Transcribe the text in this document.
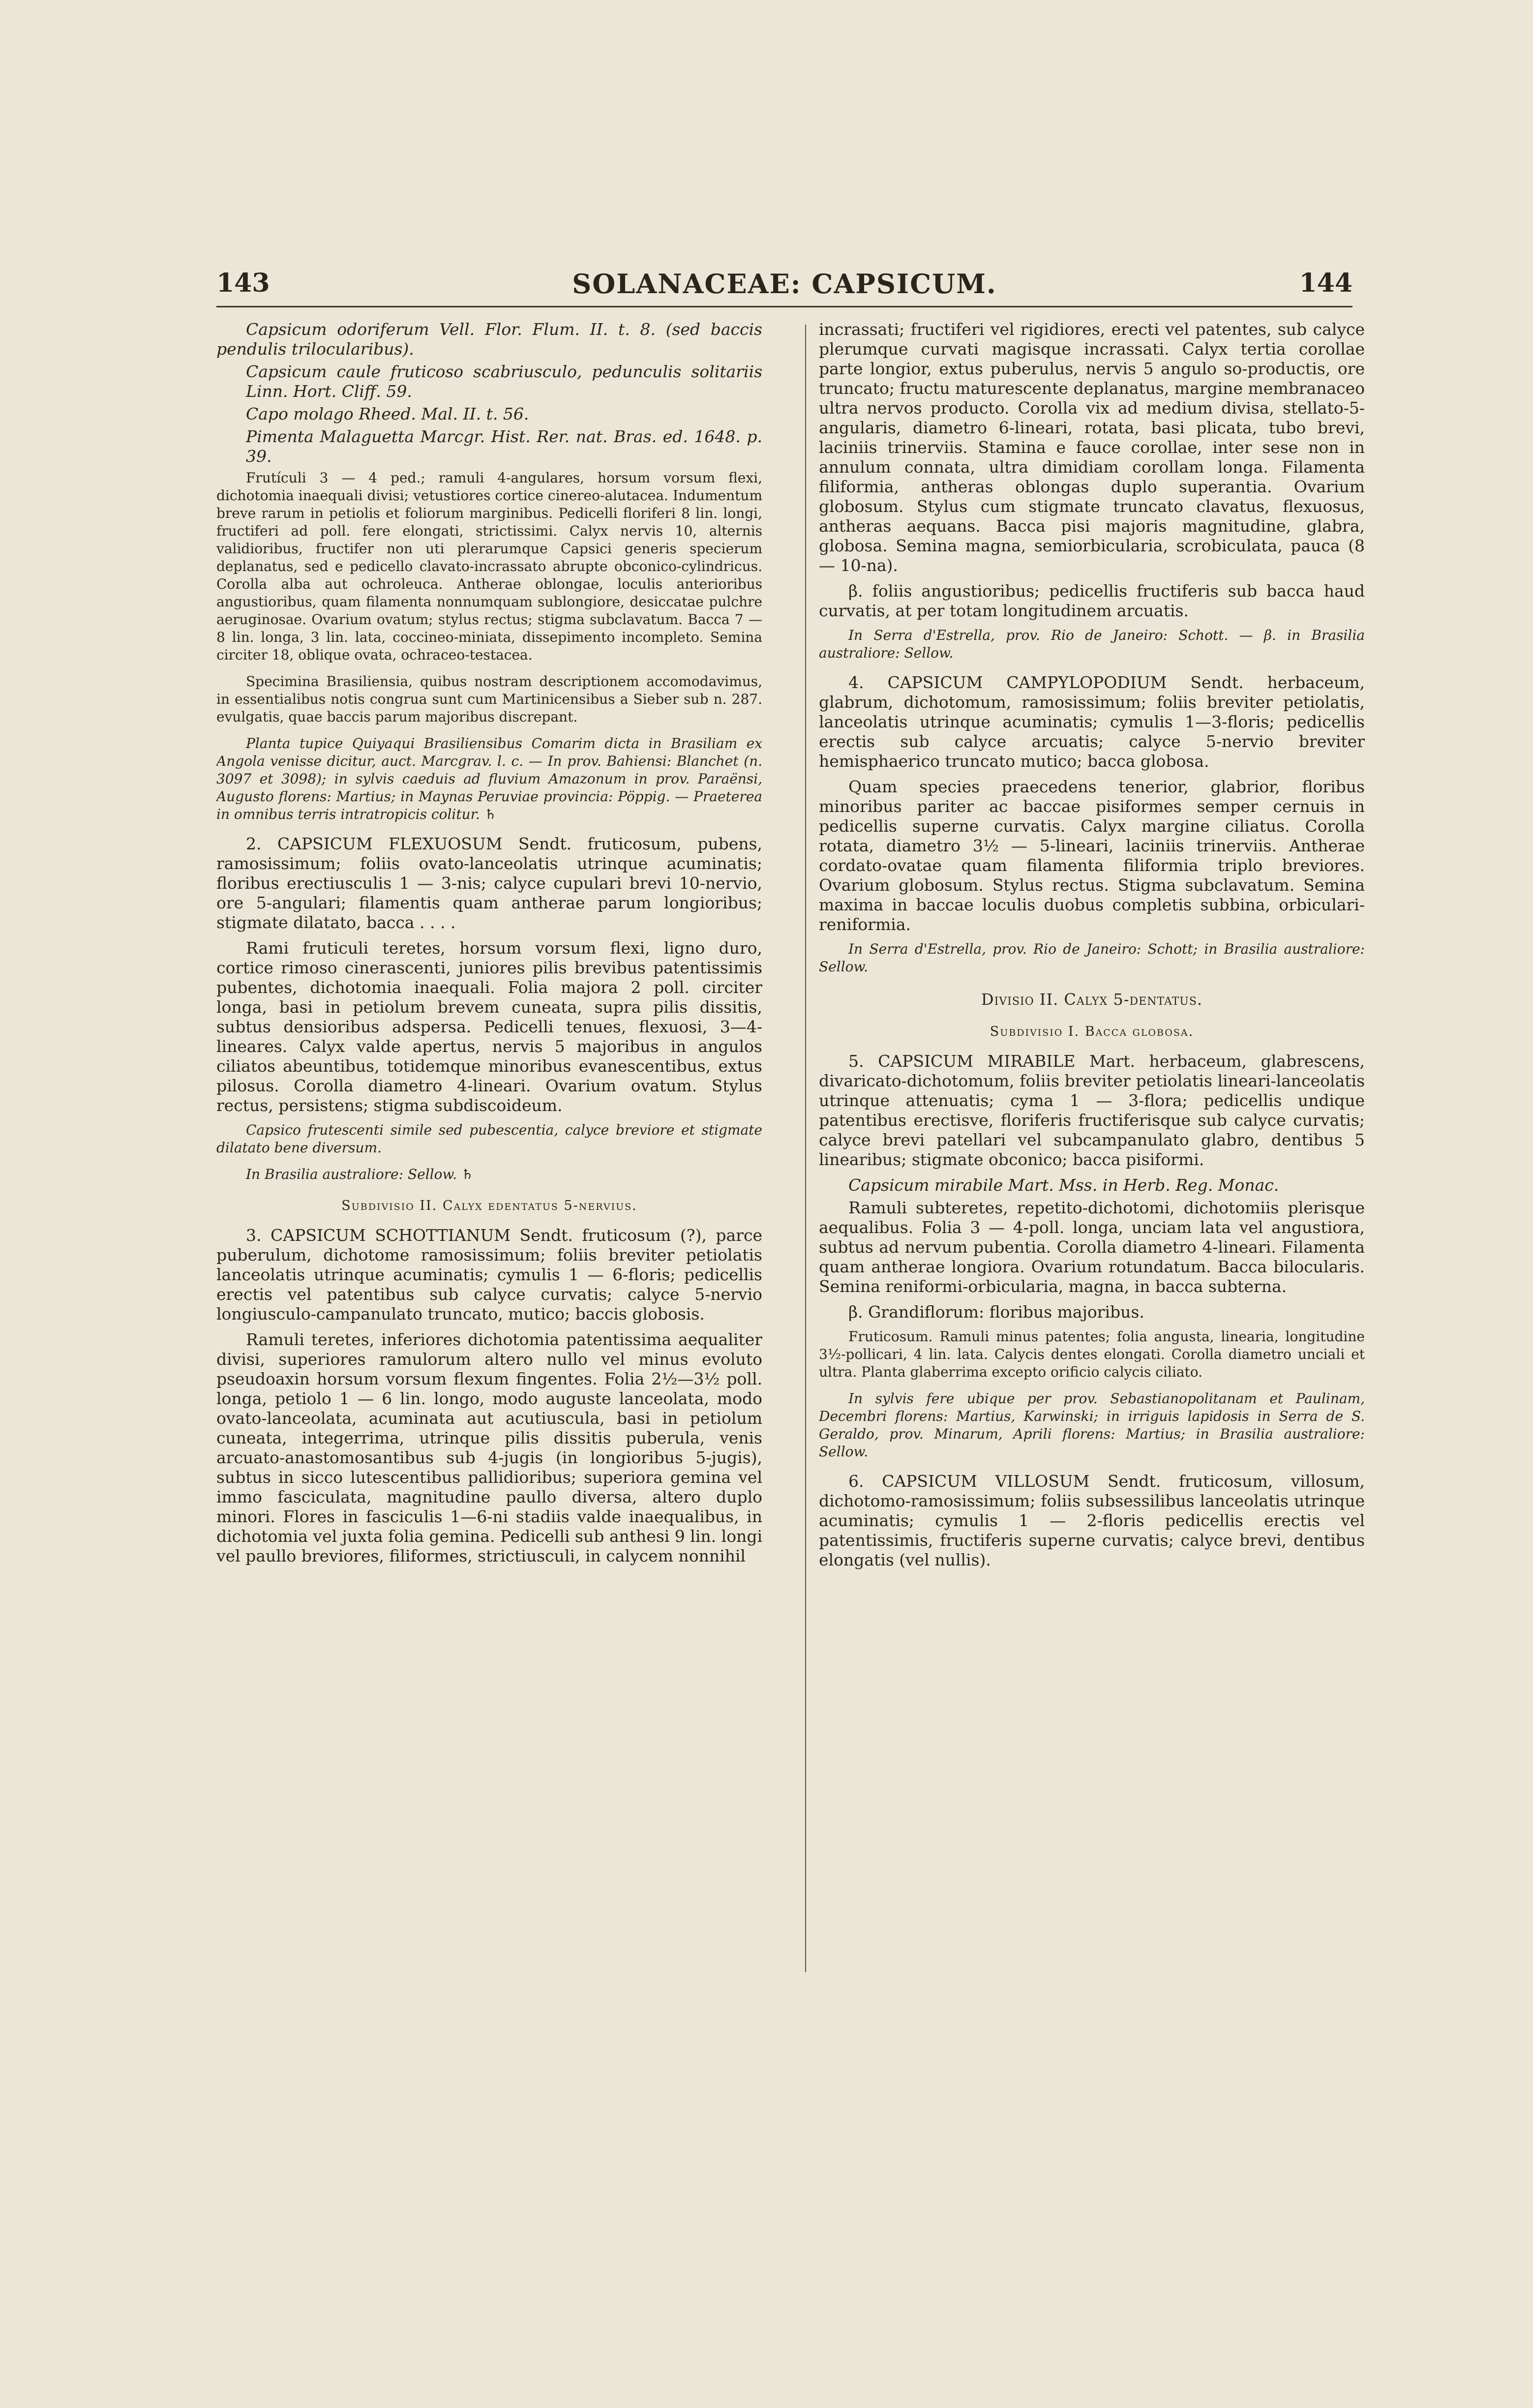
143	SOLANACEAE: CAPSICUM.	144

Capsicum odoriferum Vell. Flor. Flum. II. t. 8. (sed baccis pendulis trilocularibus).

Capsicum caule fruticoso scabriusculo, pedunculis solitariis Linn. Hort. Cliff. 59.

Capo molago Rheed. Mal. II. t. 56.

Pimenta Malaguetta Marcgr. Hist. Rer. nat. Bras. ed. 1648. p. 39.

Frutículi 3 — 4 ped.; ramuli 4-angulares, horsum vorsum flexi, dichotomia inaequali divisi; vetustiores cortice cinereo-alutacea. Indumentum breve rarum in petiolis et foliorum marginibus. Pedicelli floriferi 8 lin. longi, fructiferi ad poll. fere elongati, strictissimi. Calyx nervis 10, alternis validioribus, fructifer non uti plerarumque Capsici generis specierum deplanatus, sed e pedicello clavato-incrassato abrupte obconico-cylindricus. Corolla alba aut ochroleuca. Antherae oblongae, loculis anterioribus angustioribus, quam filamenta nonnumquam sublongiore, desiccatae pulchre aeruginosae. Ovarium ovatum; stylus rectus; stigma subclavatum. Bacca 7 — 8 lin. longa, 3 lin. lata, coccineo-miniata, dissepimento incompleto. Semina circiter 18, oblique ovata, ochraceo-testacea.

Specimina Brasiliensia, quibus nostram descriptionem accomodavimus, in essentialibus notis congrua sunt cum Martinicensibus a Sieber sub n. 287. evulgatis, quae baccis parum majoribus discrepant.

Planta tupice Quiyaqui Brasiliensibus Comarim dicta in Brasiliam ex Angola venisse dicitur, auct. Marcgrav. l. c. — In prov. Bahiensi: Blanchet (n. 3097 et 3098); in sylvis caeduis ad fluvium Amazonum in prov. Paraënsi, Augusto florens: Martius; in Maynas Peruviae provincia: Pöppig. — Praeterea in omnibus terris intratropicis colitur. ♄

2. CAPSICUM FLEXUOSUM Sendt. fruticosum, pubens, ramosissimum; foliis ovato-lanceolatis utrinque acuminatis; floribus erectiusculis 1 — 3-nis; calyce cupulari brevi 10-nervio, ore 5-angulari; filamentis quam antherae parum longioribus; stigmate dilatato, bacca . . . .

Rami fruticuli teretes, horsum vorsum flexi, ligno duro, cortice rimoso cinerascenti, juniores pilis brevibus patentissimis pubentes, dichotomia inaequali. Folia majora 2 poll. circiter longa, basi in petiolum brevem cuneata, supra pilis dissitis, subtus densioribus adspersa. Pedicelli tenues, flexuosi, 3—4-lineares. Calyx valde apertus, nervis 5 majoribus in angulos ciliatos abeuntibus, totidemque minoribus evanescentibus, extus pilosus. Corolla diametro 4-lineari. Ovarium ovatum. Stylus rectus, persistens; stigma subdiscoideum.

Capsico frutescenti simile sed pubescentia, calyce breviore et stigmate dilatato bene diversum.

In Brasilia australiore: Sellow. ♄

Subdivisio II. Calyx edentatus 5-nervius.

3. CAPSICUM SCHOTTIANUM Sendt. fruticosum (?), parce puberulum, dichotome ramosissimum; foliis breviter petiolatis lanceolatis utrinque acuminatis; cymulis 1 — 6-floris; pedicellis erectis vel patentibus sub calyce curvatis; calyce 5-nervio longiusculo-campanulato truncato, mutico; baccis globosis.

Ramuli teretes, inferiores dichotomia patentissima aequaliter divisi, superiores ramulorum altero nullo vel minus evoluto pseudoaxin horsum vorsum flexum fingentes. Folia 2½—3½ poll. longa, petiolo 1 — 6 lin. longo, modo auguste lanceolata, modo ovato-lanceolata, acuminata aut acutiuscula, basi in petiolum cuneata, integerrima, utrinque pilis dissitis puberula, venis arcuato-anastomosantibus sub 4-jugis (in longioribus 5-jugis), subtus in sicco lutescentibus pallidioribus; superiora gemina vel immo fasciculata, magnitudine paullo diversa, altero duplo minori. Flores in fasciculis 1—6-ni stadiis valde inaequalibus, in dichotomia vel juxta folia gemina. Pedicelli sub anthesi 9 lin. longi vel paullo breviores, filiformes, strictiusculi, in calycem nonnihil

incrassati; fructiferi vel rigidiores, erecti vel patentes, sub calyce plerumque curvati magisque incrassati. Calyx tertia corollae parte longior, extus puberulus, nervis 5 angulo so-productis, ore truncato; fructu maturescente deplanatus, margine membranaceo ultra nervos producto. Corolla vix ad medium divisa, stellato-5-angularis, diametro 6-lineari, rotata, basi plicata, tubo brevi, laciniis trinerviis. Stamina e fauce corollae, inter sese non in annulum connata, ultra dimidiam corollam longa. Filamenta filiformia, antheras oblongas duplo superantia. Ovarium globosum. Stylus cum stigmate truncato clavatus, flexuosus, antheras aequans. Bacca pisi majoris magnitudine, glabra, globosa. Semina magna, semiorbicularia, scrobiculata, pauca (8 — 10-na).

β. foliis angustioribus; pedicellis fructiferis sub bacca haud curvatis, at per totam longitudinem arcuatis.

In Serra d'Estrella, prov. Rio de Janeiro: Schott. — β. in Brasilia australiore: Sellow.

4. CAPSICUM CAMPYLOPODIUM Sendt. herbaceum, glabrum, dichotomum, ramosissimum; foliis breviter petiolatis, lanceolatis utrinque acuminatis; cymulis 1—3-floris; pedicellis erectis sub calyce arcuatis; calyce 5-nervio breviter hemisphaerico truncato mutico; bacca globosa.

Quam species praecedens tenerior, glabrior, floribus minoribus pariter ac baccae pisiformes semper cernuis in pedicellis superne curvatis. Calyx margine ciliatus. Corolla rotata, diametro 3½ — 5-lineari, laciniis trinerviis. Antherae cordato-ovatae quam filamenta filiformia triplo breviores. Ovarium globosum. Stylus rectus. Stigma subclavatum. Semina maxima in baccae loculis duobus completis subbina, orbiculari-reniformia.

In Serra d'Estrella, prov. Rio de Janeiro: Schott; in Brasilia australiore: Sellow.

Divisio II. Calyx 5-dentatus.

Subdivisio I. Bacca globosa.

5. CAPSICUM MIRABILE Mart. herbaceum, glabrescens, divaricato-dichotomum, foliis breviter petiolatis lineari-lanceolatis utrinque attenuatis; cyma 1 — 3-flora; pedicellis undique patentibus erectisve, floriferis fructiferisque sub calyce curvatis; calyce brevi patellari vel subcampanulato glabro, dentibus 5 linearibus; stigmate obconico; bacca pisiformi.

Capsicum mirabile Mart. Mss. in Herb. Reg. Monac.

Ramuli subteretes, repetito-dichotomi, dichotomiis plerisque aequalibus. Folia 3 — 4-poll. longa, unciam lata vel angustiora, subtus ad nervum pubentia. Corolla diametro 4-lineari. Filamenta quam antherae longiora. Ovarium rotundatum. Bacca bilocularis. Semina reniformi-orbicularia, magna, in bacca subterna.

β. Grandiflorum: floribus majoribus.

Fruticosum. Ramuli minus patentes; folia angusta, linearia, longitudine 3½-pollicari, 4 lin. lata. Calycis dentes elongati. Corolla diametro unciali et ultra. Planta glaberrima excepto orificio calycis ciliato.

In sylvis fere ubique per prov. Sebastianopolitanam et Paulinam, Decembri florens: Martius, Karwinski; in irriguis lapidosis in Serra de S. Geraldo, prov. Minarum, Aprili florens: Martius; in Brasilia australiore: Sellow.

6. CAPSICUM VILLOSUM Sendt. fruticosum, villosum, dichotomo-ramosissimum; foliis subsessilibus lanceolatis utrinque acuminatis; cymulis 1 — 2-floris pedicellis erectis vel patentissimis, fructiferis superne curvatis; calyce brevi, dentibus elongatis (vel nullis).
